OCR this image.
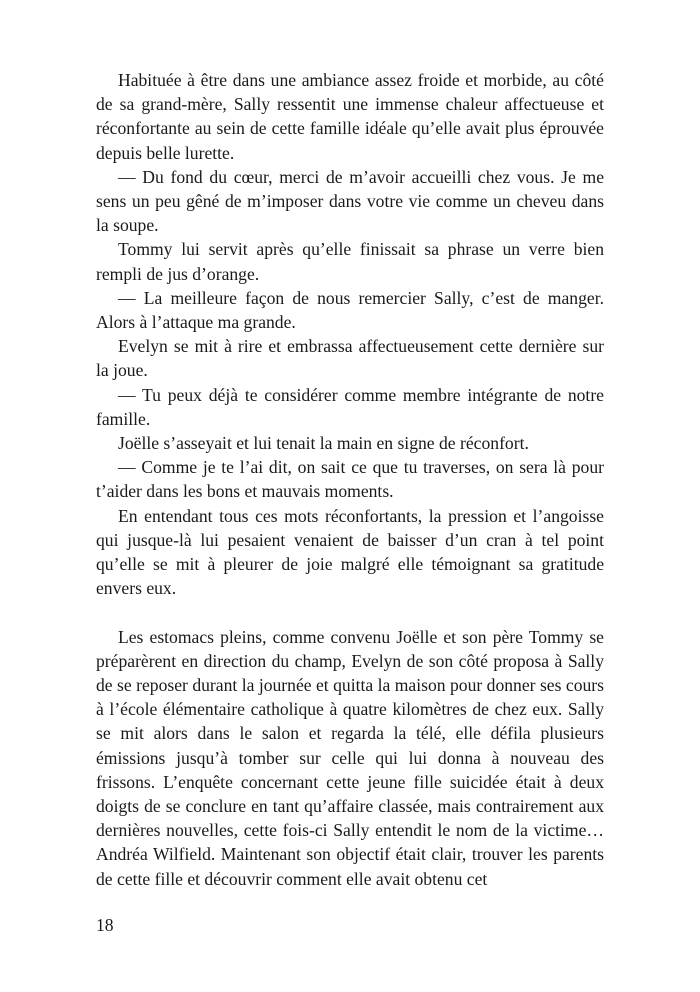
Habituée à être dans une ambiance assez froide et morbide, au côté de sa grand-mère, Sally ressentit une immense chaleur affectueuse et réconfortante au sein de cette famille idéale qu’elle avait plus éprouvée depuis belle lurette.

— Du fond du cœur, merci de m’avoir accueilli chez vous. Je me sens un peu gêné de m’imposer dans votre vie comme un cheveu dans la soupe.

Tommy lui servit après qu’elle finissait sa phrase un verre bien rempli de jus d’orange.

— La meilleure façon de nous remercier Sally, c’est de manger. Alors à l’attaque ma grande.

Evelyn se mit à rire et embrassa affectueusement cette dernière sur la joue.

— Tu peux déjà te considérer comme membre intégrante de notre famille.

Joëlle s’asseyait et lui tenait la main en signe de réconfort.

— Comme je te l’ai dit, on sait ce que tu traverses, on sera là pour t’aider dans les bons et mauvais moments.

En entendant tous ces mots réconfortants, la pression et l’angoisse qui jusque-là lui pesaient venaient de baisser d’un cran à tel point qu’elle se mit à pleurer de joie malgré elle témoignant sa gratitude envers eux.

Les estomacs pleins, comme convenu Joëlle et son père Tommy se préparèrent en direction du champ, Evelyn de son côté proposa à Sally de se reposer durant la journée et quitta la maison pour donner ses cours à l’école élémentaire catholique à quatre kilomètres de chez eux. Sally se mit alors dans le salon et regarda la télé, elle défila plusieurs émissions jusqu’à tomber sur celle qui lui donna à nouveau des frissons. L’enquête concernant cette jeune fille suicidée était à deux doigts de se conclure en tant qu’affaire classée, mais contrairement aux dernières nouvelles, cette fois-ci Sally entendit le nom de la victime… Andréa Wilfield. Maintenant son objectif était clair, trouver les parents de cette fille et découvrir comment elle avait obtenu cet

18
